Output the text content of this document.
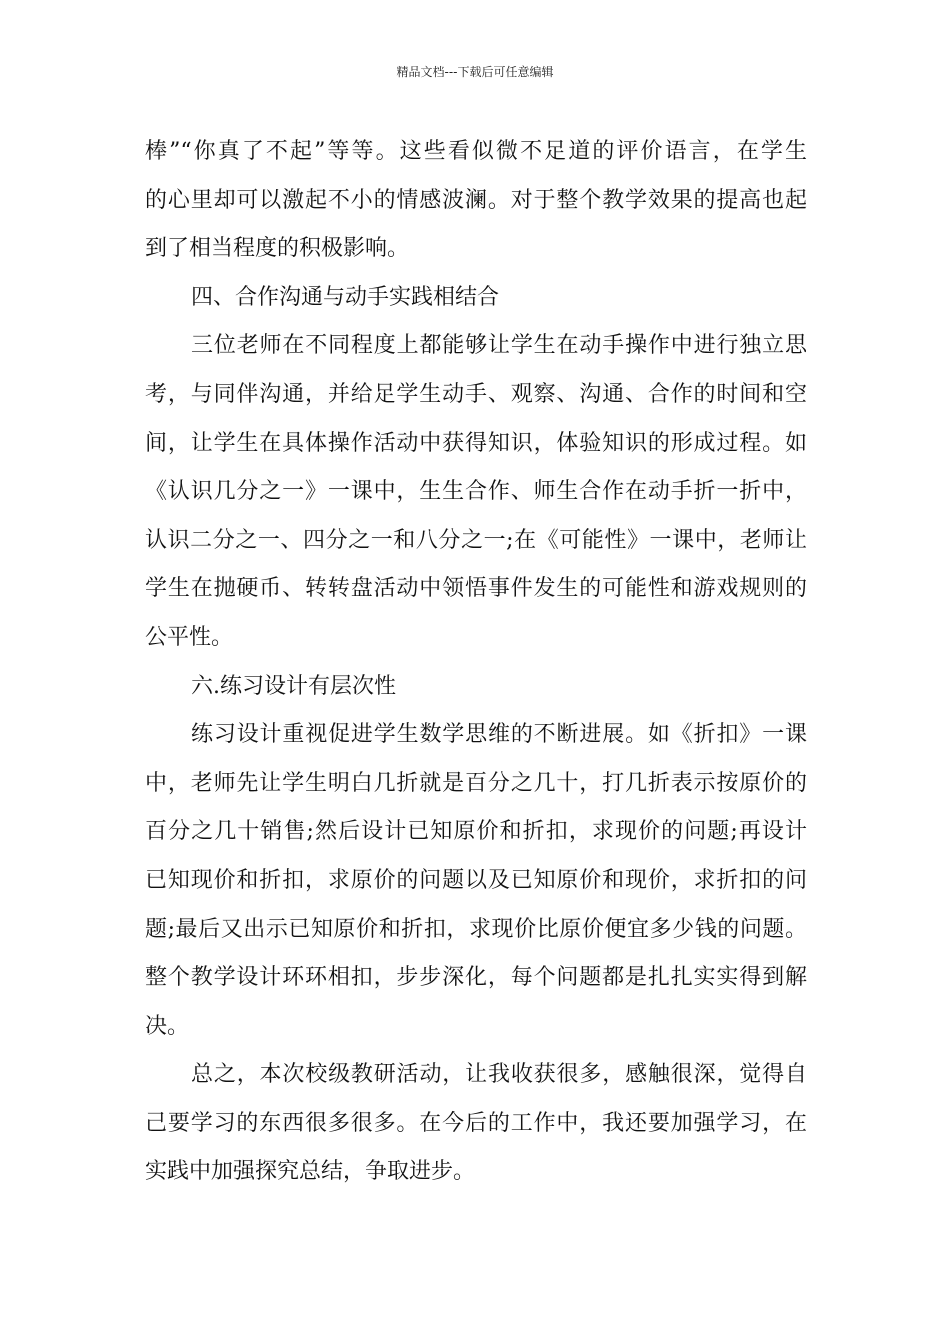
精品文档---下载后可任意编辑
棒”“你真了不起”等等。这些看似微不足道的评价语言，在学生
的心里却可以激起不小的情感波澜。对于整个教学效果的提高也起
到了相当程度的积极影响。
四、合作沟通与动手实践相结合
三位老师在不同程度上都能够让学生在动手操作中进行独立思
考，与同伴沟通，并给足学生动手、观察、沟通、合作的时间和空
间，让学生在具体操作活动中获得知识，体验知识的形成过程。如
《认识几分之一》一课中，生生合作、师生合作在动手折一折中，
认识二分之一、四分之一和八分之一;在《可能性》一课中，老师让
学生在抛硬币、转转盘活动中领悟事件发生的可能性和游戏规则的
公平性。
六.练习设计有层次性
练习设计重视促进学生数学思维的不断进展。如《折扣》一课
中，老师先让学生明白几折就是百分之几十，打几折表示按原价的
百分之几十销售;然后设计已知原价和折扣，求现价的问题;再设计
已知现价和折扣，求原价的问题以及已知原价和现价，求折扣的问
题;最后又出示已知原价和折扣，求现价比原价便宜多少钱的问题。
整个教学设计环环相扣，步步深化，每个问题都是扎扎实实得到解
决。
总之，本次校级教研活动，让我收获很多，感触很深，觉得自
己要学习的东西很多很多。在今后的工作中，我还要加强学习，在
实践中加强探究总结，争取进步。
